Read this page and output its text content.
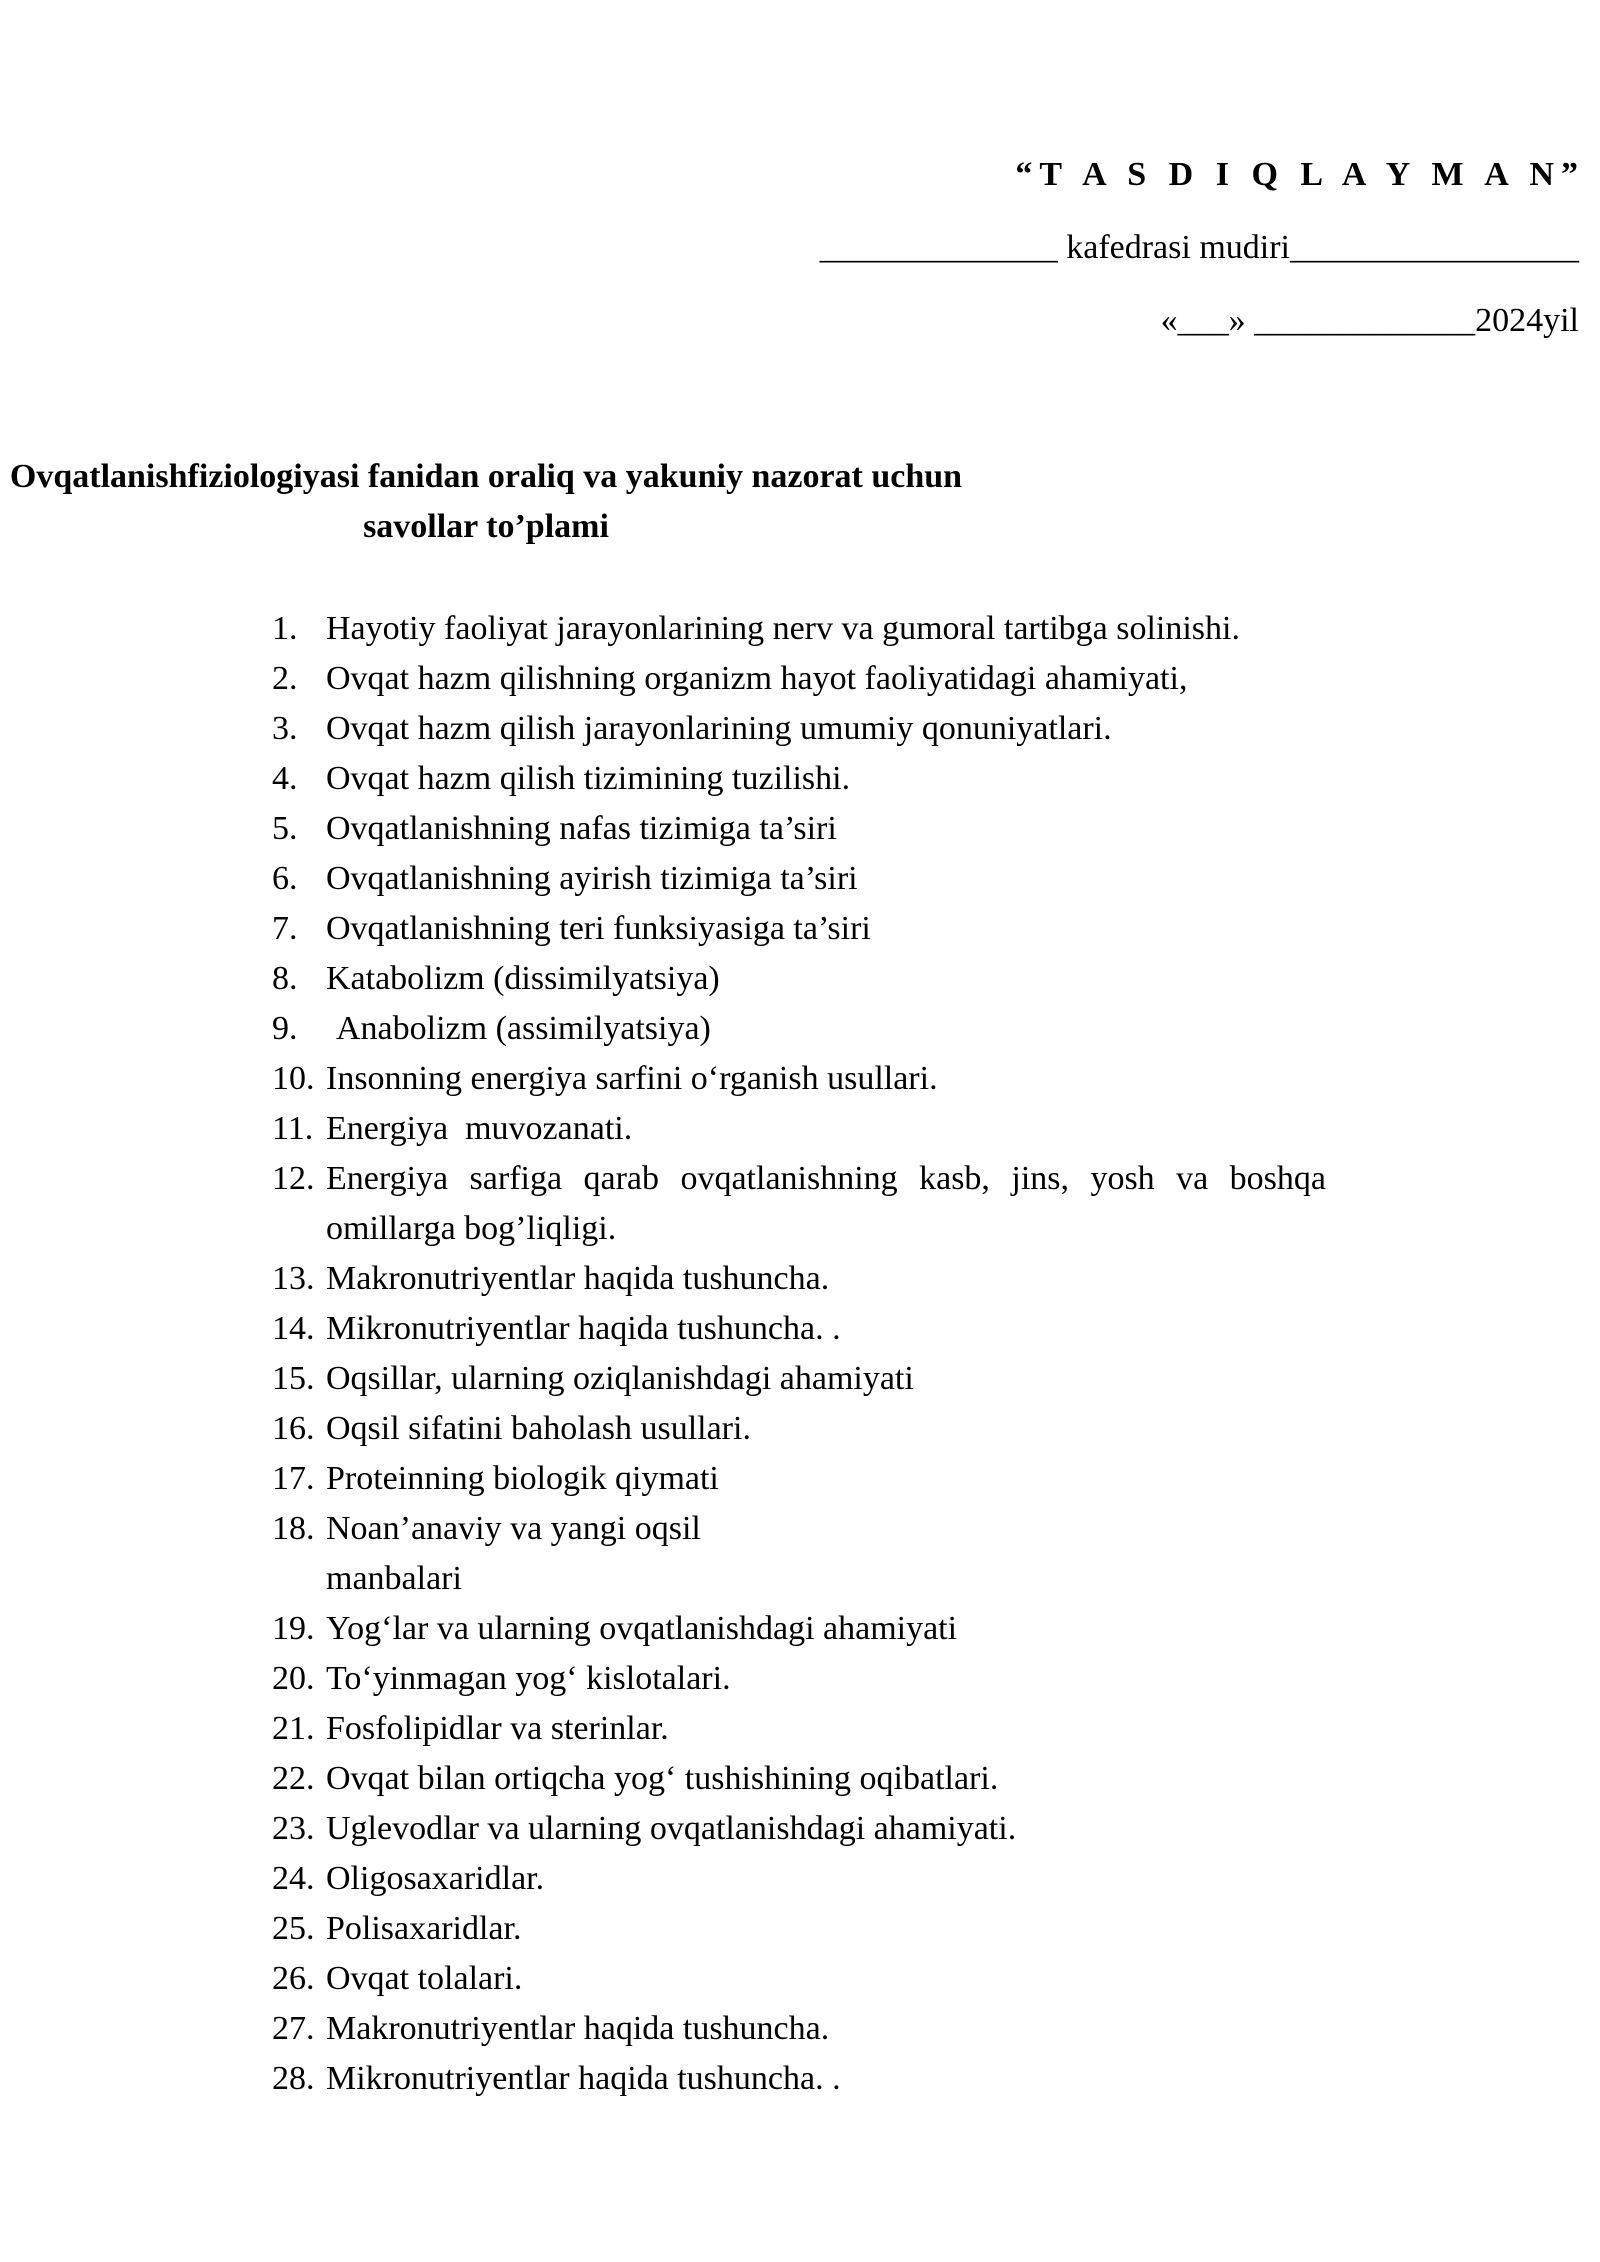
“T A S D I Q L A Y M A N”
______________ kafedrasi mudiri_________________
«___» _____________2024yil
Ovqatlanishfiziologiyasi fanidan oraliq va yakuniy nazorat uchun
savollar to’plami
1. Hayotiy faoliyat jarayonlarining nerv va gumoral tartibga solinishi.
2. Ovqat hazm qilishning organizm hayot faoliyatidagi ahamiyati,
3. Ovqat hazm qilish jarayonlarining umumiy qonuniyatlari.
4. Ovqat hazm qilish tizimining tuzilishi.
5. Ovqatlanishning nafas tizimiga ta’siri
6. Ovqatlanishning ayirish tizimiga ta’siri
7. Ovqatlanishning teri funksiyasiga ta’siri
8. Katabolizm (dissimilyatsiya)
9.	Anabolizm (assimilyatsiya)
10. Insonning energiya sarfini o‘rganish usullari.
11. Energiya  muvozanati.
12. Energiya sarfiga qarab ovqatlanishning kasb, jins, yosh va boshqa omillarga bog’liqligi.
13. Makronutriyentlar haqida tushuncha.
14. Mikronutriyentlar haqida tushuncha. .
15. Oqsillar, ularning oziqlanishdagi ahamiyati
16. Oqsil sifatini baholash usullari.
17. Proteinning biologik qiymati
18. Noan’anaviy va yangi oqsil manbalari
19. Yog‘lar va ularning ovqatlanishdagi ahamiyati
20. To‘yinmagan yog‘ kislotalari.
21. Fosfolipidlar va sterinlar.
22. Ovqat bilan ortiqcha yog‘ tushishining oqibatlari.
23. Uglevodlar va ularning ovqatlanishdagi ahamiyati.
24. Oligosaxaridlar.
25. Polisaxaridlar.
26. Ovqat tolalari.
27. Makronutriyentlar haqida tushuncha.
28. Mikronutriyentlar haqida tushuncha. .
